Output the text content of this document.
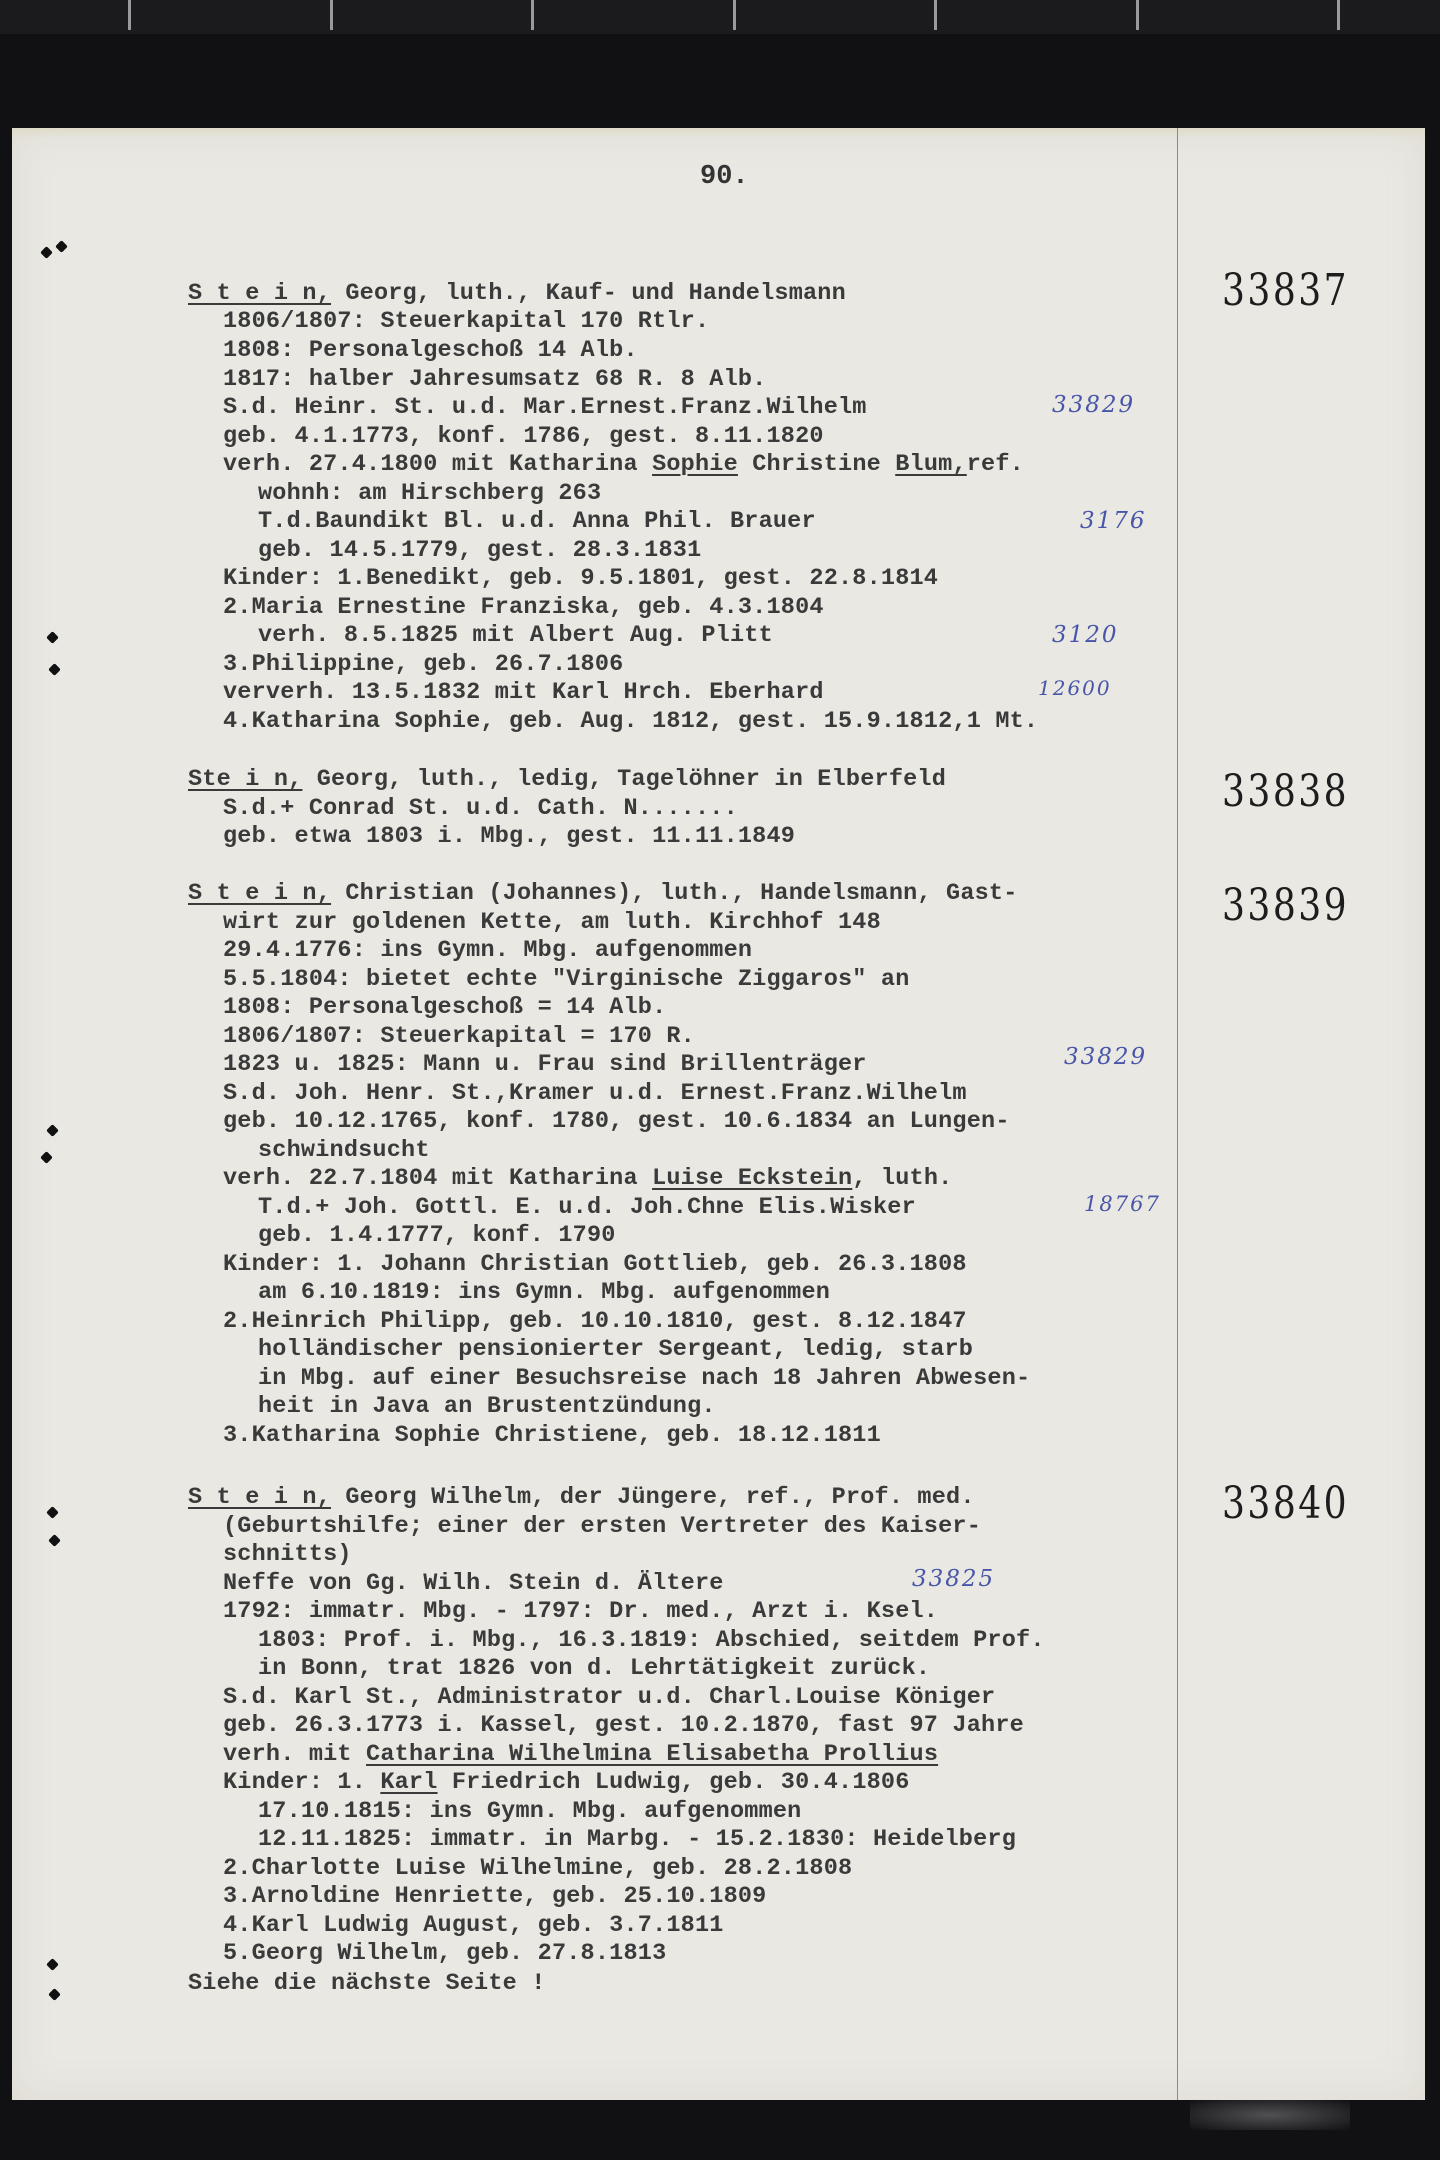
90.
33837
S t e i n, Georg, luth., Kauf- und Handelsmann
1806/1807: Steuerkapital 170 Rtlr.
1808: Personalgeschoß 14 Alb.
1817: halber Jahresumsatz 68 R. 8 Alb.
S.d. Heinr. St. u.d. Mar.Ernest.Franz.Wilhelm	33829
geb. 4.1.1773, konf. 1786, gest. 8.11.1820
verh. 27.4.1800 mit Katharina Sophie Christine Blum,ref.
wohnh: am Hirschberg 263
T.d.Baundikt Bl. u.d. Anna Phil. Brauer	3176
geb. 14.5.1779, gest. 28.3.1831
Kinder: 1.Benedikt, geb. 9.5.1801, gest. 22.8.1814
2.Maria Ernestine Franziska, geb. 4.3.1804
verh. 8.5.1825 mit Albert Aug. Plitt	3120
3.Philippine, geb. 26.7.1806
ververh. 13.5.1832 mit Karl Hrch. Eberhard	12600
4.Katharina Sophie, geb. Aug. 1812, gest. 15.9.1812,1 Mt.
33838
Ste i n, Georg, luth., ledig, Tagelöhner in Elberfeld
S.d.+ Conrad St. u.d. Cath. N.......
geb. etwa 1803 i. Mbg., gest. 11.11.1849
33839
S t e i n, Christian (Johannes), luth., Handelsmann, Gast-
wirt zur goldenen Kette, am luth. Kirchhof 148
29.4.1776: ins Gymn. Mbg. aufgenommen
5.5.1804: bietet echte "Virginische Ziggaros" an
1808: Personalgeschoß = 14 Alb.
1806/1807: Steuerkapital = 170 R.
1823 u. 1825: Mann u. Frau sind Brillenträger	33829
S.d. Joh. Henr. St.,Kramer u.d. Ernest.Franz.Wilhelm
geb. 10.12.1765, konf. 1780, gest. 10.6.1834 an Lungen-
schwindsucht
verh. 22.7.1804 mit Katharina Luise Eckstein, luth.
T.d.+ Joh. Gottl. E. u.d. Joh.Chne Elis.Wisker	18767
geb. 1.4.1777, konf. 1790
Kinder: 1. Johann Christian Gottlieb, geb. 26.3.1808
am 6.10.1819: ins Gymn. Mbg. aufgenommen
2.Heinrich Philipp, geb. 10.10.1810, gest. 8.12.1847
holländischer pensionierter Sergeant, ledig, starb
in Mbg. auf einer Besuchsreise nach 18 Jahren Abwesen-
heit in Java an Brustentzündung.
3.Katharina Sophie Christiene, geb. 18.12.1811
33840
S t e i n, Georg Wilhelm, der Jüngere, ref., Prof. med.
(Geburtshilfe; einer der ersten Vertreter des Kaiser-
schnitts)
Neffe von Gg. Wilh. Stein d. Ältere	33825
1792: immatr. Mbg. - 1797: Dr. med., Arzt i. Ksel.
1803: Prof. i. Mbg., 16.3.1819: Abschied, seitdem Prof.
in Bonn, trat 1826 von d. Lehrtätigkeit zurück.
S.d. Karl St., Administrator u.d. Charl.Louise Königer
geb. 26.3.1773 i. Kassel, gest. 10.2.1870, fast 97 Jahre
verh. mit Catharina Wilhelmina Elisabetha Prollius
Kinder: 1. Karl Friedrich Ludwig, geb. 30.4.1806
17.10.1815: ins Gymn. Mbg. aufgenommen
12.11.1825: immatr. in Marbg. - 15.2.1830: Heidelberg
2.Charlotte Luise Wilhelmine, geb. 28.2.1808
3.Arnoldine Henriette, geb. 25.10.1809
4.Karl Ludwig August, geb. 3.7.1811
5.Georg Wilhelm, geb. 27.8.1813
Siehe die nächste Seite !
